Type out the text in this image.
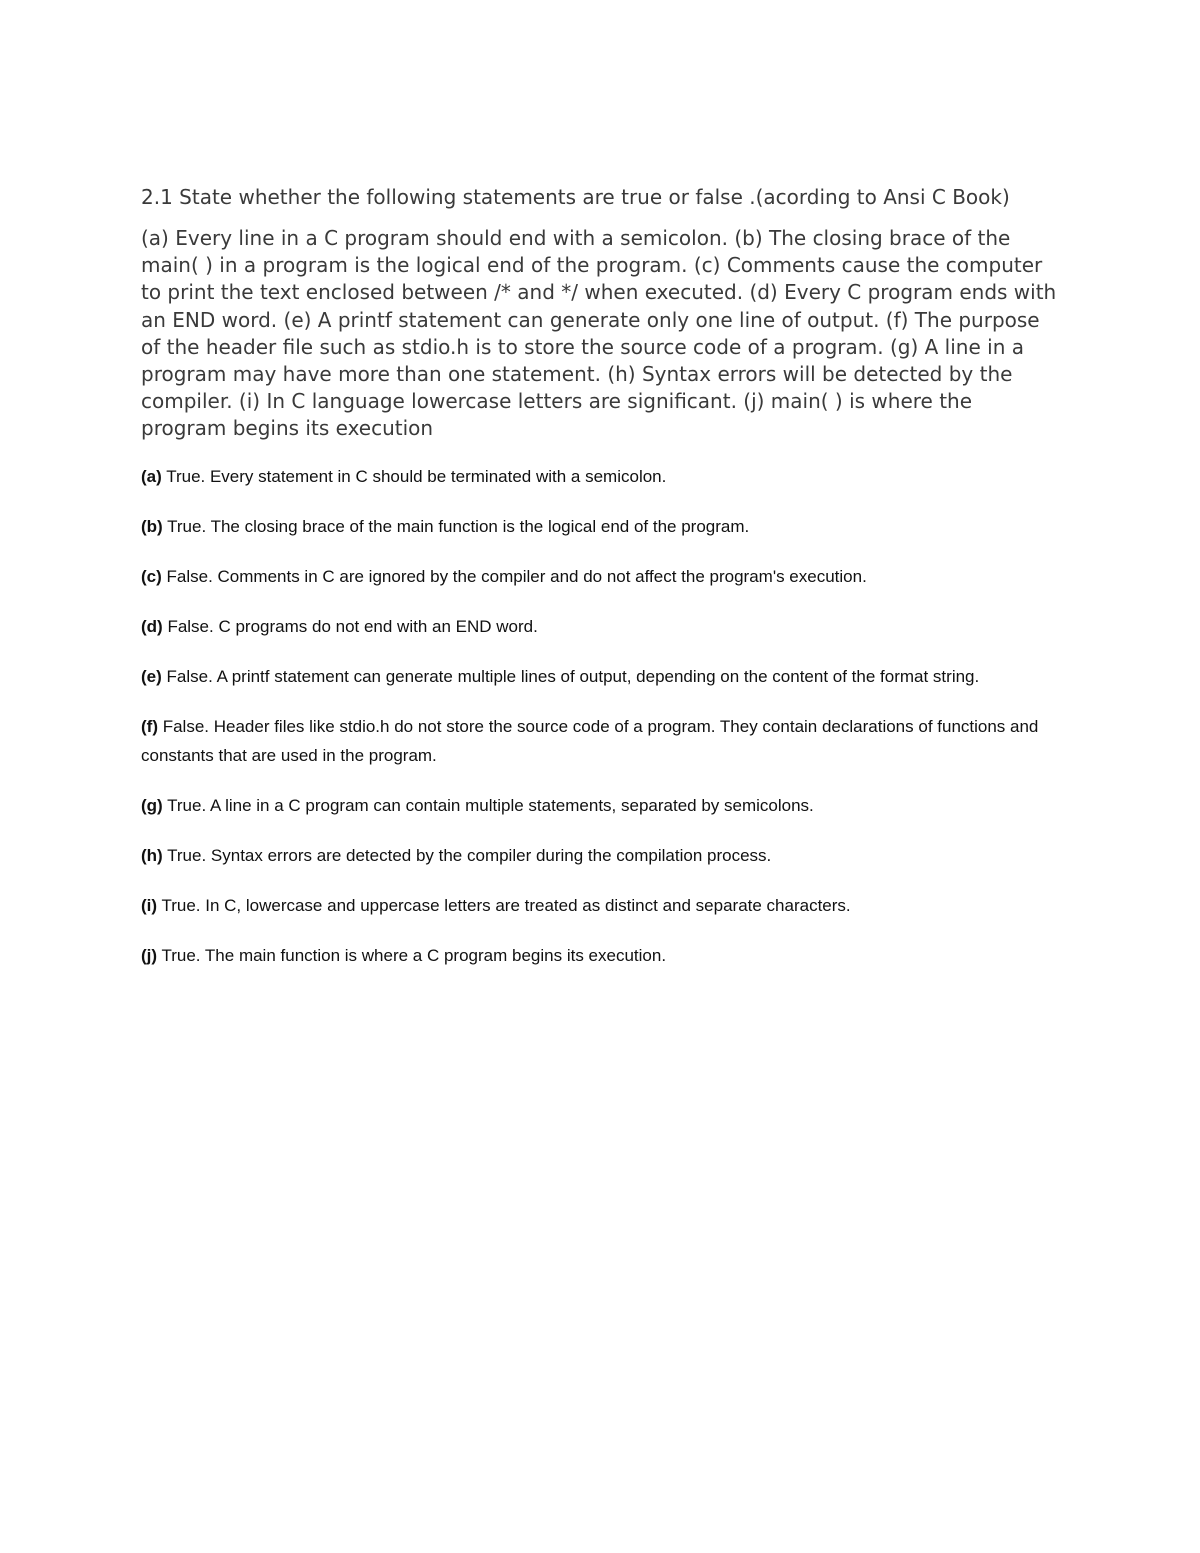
2.1 State whether the following statements are true or false .(acording to Ansi C Book)

(a) Every line in a C program should end with a semicolon. (b) The closing brace of the main( ) in a program is the logical end of the program. (c) Comments cause the computer to print the text enclosed between /* and */ when executed. (d) Every C program ends with an END word. (e) A printf statement can generate only one line of output. (f) The purpose of the header file such as stdio.h is to store the source code of a program. (g) A line in a program may have more than one statement. (h) Syntax errors will be detected by the compiler. (i) In C language lowercase letters are significant. (j) main( ) is where the program begins its execution

(a) True. Every statement in C should be terminated with a semicolon.

(b) True. The closing brace of the main function is the logical end of the program.

(c) False. Comments in C are ignored by the compiler and do not affect the program's execution.

(d) False. C programs do not end with an END word.

(e) False. A printf statement can generate multiple lines of output, depending on the content of the format string.

(f) False. Header files like stdio.h do not store the source code of a program. They contain declarations of functions and constants that are used in the program.

(g) True. A line in a C program can contain multiple statements, separated by semicolons.

(h) True. Syntax errors are detected by the compiler during the compilation process.

(i) True. In C, lowercase and uppercase letters are treated as distinct and separate characters.

(j) True. The main function is where a C program begins its execution.
